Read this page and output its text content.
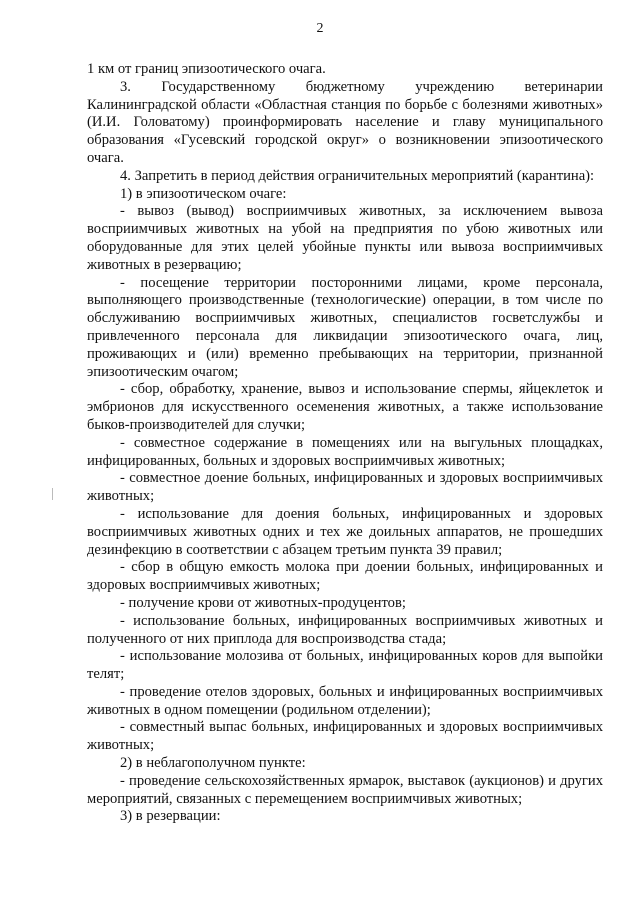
2

1 км от границ эпизоотического очага.

3. Государственному бюджетному учреждению ветеринарии Калининградской области «Областная станция по борьбе с болезнями животных» (И.И. Головатому) проинформировать население и главу муниципального образования «Гусевский городской округ» о возникновении эпизоотического очага.

4. Запретить в период действия ограничительных мероприятий (карантина):

1) в эпизоотическом очаге:

- вывоз (вывод) восприимчивых животных, за исключением вывоза восприимчивых животных на убой на предприятия по убою животных или оборудованные для этих целей убойные пункты или вывоза восприимчивых животных в резервацию;

- посещение территории посторонними лицами, кроме персонала, выполняющего производственные (технологические) операции, в том числе по обслуживанию восприимчивых животных, специалистов госветслужбы и привлеченного персонала для ликвидации эпизоотического очага, лиц, проживающих и (или) временно пребывающих на территории, признанной эпизоотическим очагом;

- сбор, обработку, хранение, вывоз и использование спермы, яйцеклеток и эмбрионов для искусственного осеменения животных, а также использование быков-производителей для случки;

- совместное содержание в помещениях или на выгульных площадках, инфицированных, больных и здоровых восприимчивых животных;

- совместное доение больных, инфицированных и здоровых восприимчивых животных;

- использование для доения больных, инфицированных и здоровых восприимчивых животных одних и тех же доильных аппаратов, не прошедших дезинфекцию в соответствии с абзацем третьим пункта 39 правил;

- сбор в общую емкость молока при доении больных, инфицированных и здоровых восприимчивых животных;

- получение крови от животных-продуцентов;

- использование больных, инфицированных восприимчивых животных и полученного от них приплода для воспроизводства стада;

- использование молозива от больных, инфицированных коров для выпойки телят;

- проведение отелов здоровых, больных и инфицированных восприимчивых животных в одном помещении (родильном отделении);

- совместный выпас больных, инфицированных и здоровых восприимчивых животных;

2) в неблагополучном пункте:

- проведение сельскохозяйственных ярмарок, выставок (аукционов) и других мероприятий, связанных с перемещением восприимчивых животных;

3) в резервации:
